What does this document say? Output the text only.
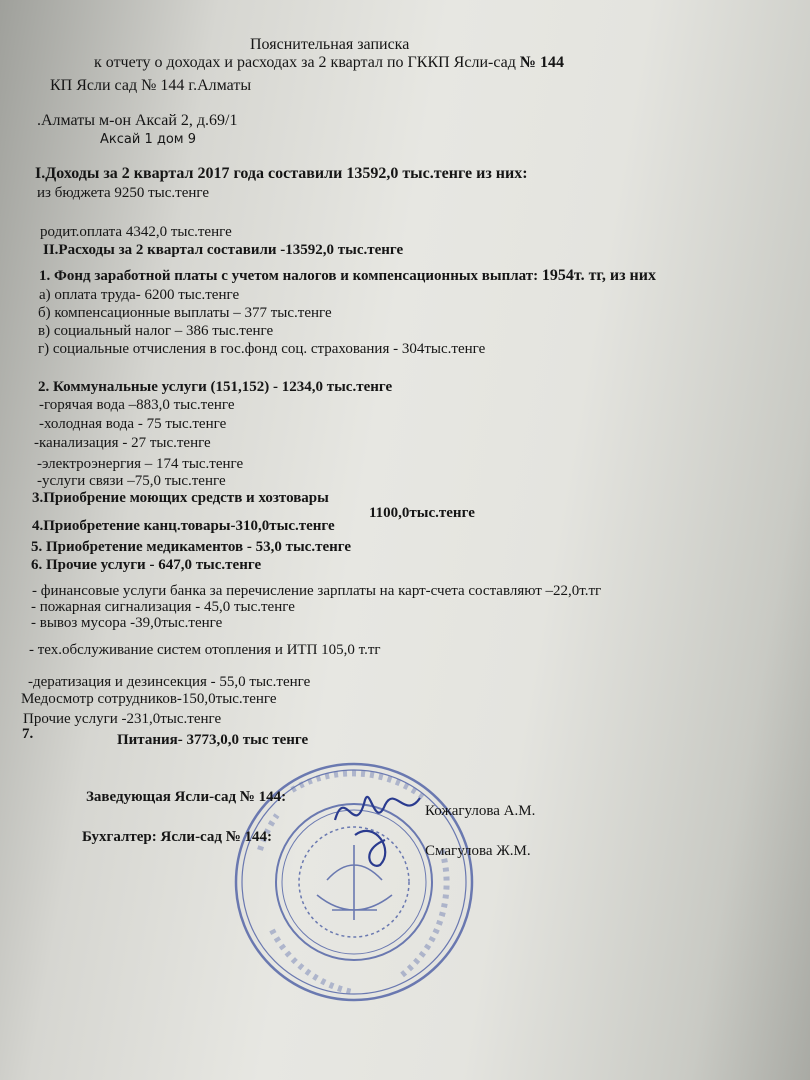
Пояснительная записка
к отчету о доходах и расходах за 2 квартал по ГККП Ясли-сад № 144
КП Ясли сад № 144 г.Алматы
.Алматы м-он Аксай 2, д.69/1
Аксай 1 дом 9
I.Доходы за 2 квартал 2017 года составили 13592,0 тыс.тенге из них:
из бюджета 9250 тыс.тенге
родит.оплата 4342,0 тыс.тенге
II.Расходы за 2 квартал составили -13592,0 тыс.тенге
1. Фонд заработной платы с учетом налогов и компенсационных выплат: 1954т. тг, из них
а) оплата труда- 6200 тыс.тенге
б) компенсационные выплаты – 377 тыс.тенге
в) социальный налог – 386 тыс.тенге
г) социальные отчисления в гос.фонд соц. страхования - 304тыс.тенге
2. Коммунальные услуги (151,152) - 1234,0 тыс.тенге
-горячая вода –883,0 тыс.тенге
-холодная вода - 75 тыс.тенге
-канализация - 27 тыс.тенге
-электроэнергия – 174 тыс.тенге
-услуги связи –75,0 тыс.тенге
3.Приобрение моющих средств и хозтовары
1100,0тыс.тенге
4.Приобретение канц.товары-310,0тыс.тенге
5. Приобретение медикаментов - 53,0 тыс.тенге
6. Прочие услуги - 647,0 тыс.тенге
- финансовые услуги банка за перечисление зарплаты на карт-счета составляют –22,0т.тг
- пожарная сигнализация - 45,0 тыс.тенге
- вывоз мусора -39,0тыс.тенге
- тех.обслуживание систем отопления и ИТП 105,0 т.тг
-дератизация и дезинсекция - 55,0 тыс.тенге
Медосмотр сотрудников-150,0тыс.тенге
Прочие услуги -231,0тыс.тенге
7.	Питания- 3773,0,0 тыс тенге
Заведующая Ясли-сад № 144:
Кожагулова А.М.
Бухгалтер: Ясли-сад № 144:
Смагулова Ж.М.
